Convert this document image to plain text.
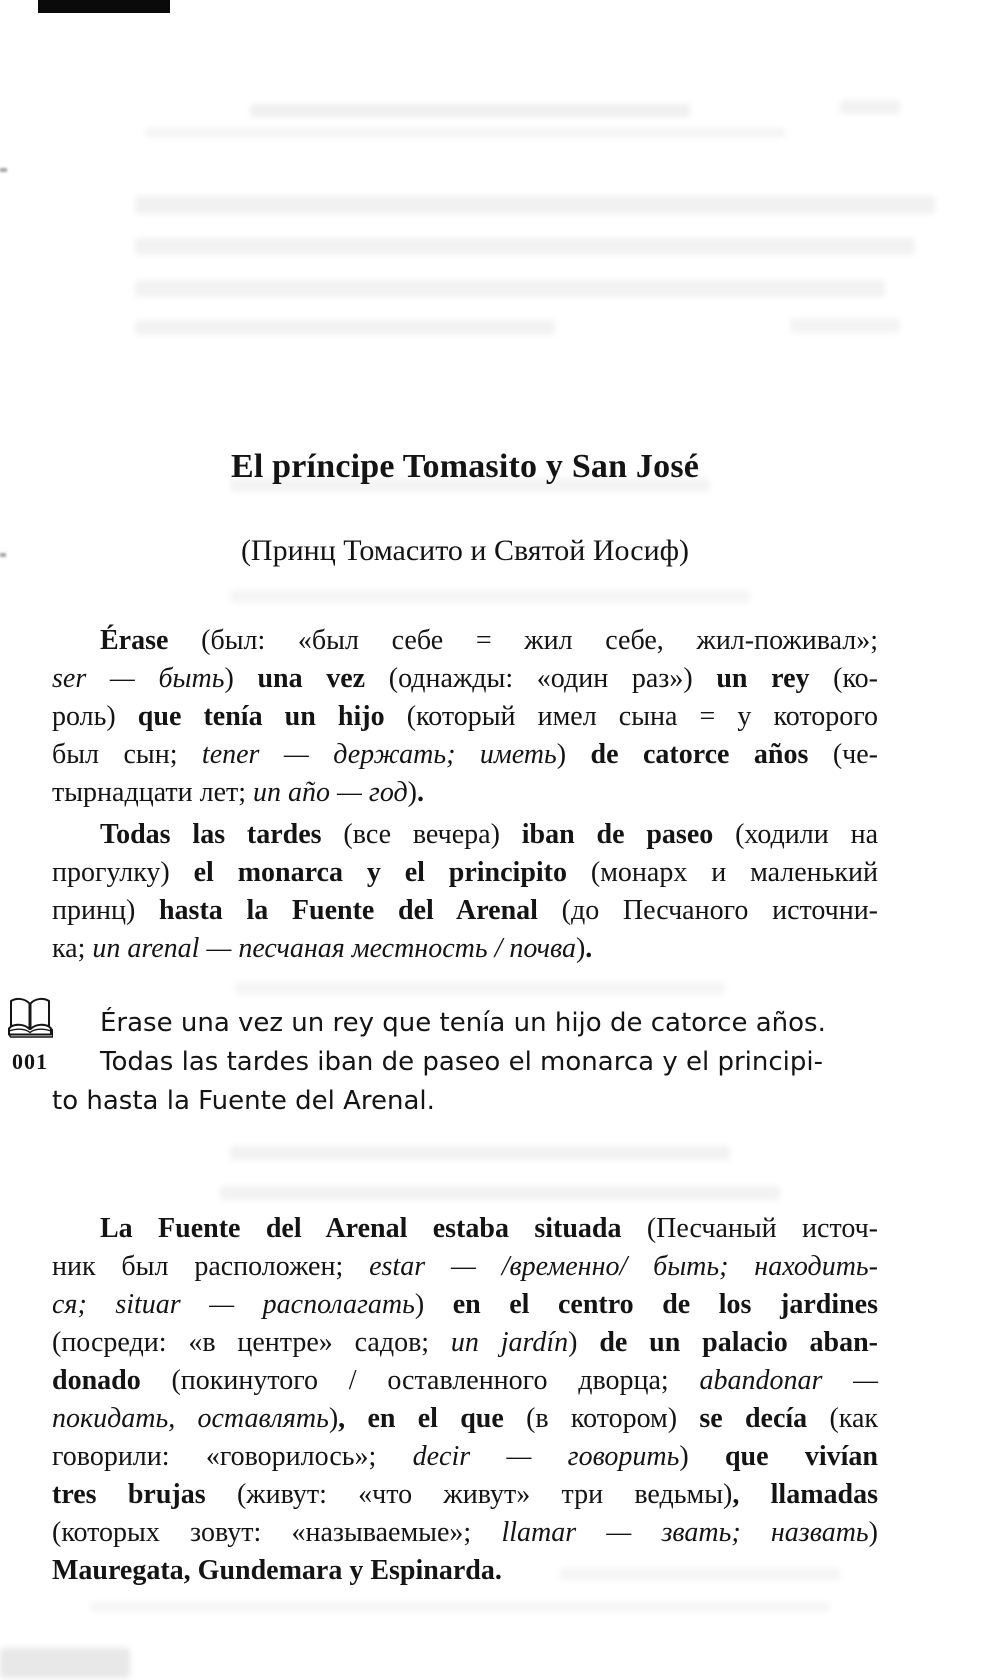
El príncipe Tomasito y San José
(Принц Томасито и Святой Иосиф)
Érase (был: «был себе = жил себе, жил-поживал»;
ser — быть) una vez (однажды: «один раз») un rey (ко-
роль) que tenía un hijo (который имел сына = у которого
был сын; tener — держать; иметь) de catorce años (че-
тырнадцати лет; un año — год).
Todas las tardes (все вечера) iban de paseo (ходили на
прогулку) el monarca y el principito (монарх и маленький
принц) hasta la Fuente del Arenal (до Песчаного источни-
ка; un arenal — песчаная местность / почва).
001
Érase una vez un rey que tenía un hijo de catorce años.
Todas las tardes iban de paseo el monarca y el principi-
to hasta la Fuente del Arenal.
La Fuente del Arenal estaba situada (Песчаный источ-
ник был расположен; estar — /временно/ быть; находить-
ся; situar — располагать) en el centro de los jardines
(посреди: «в центре» садов; un jardín) de un palacio aban-
donado (покинутого / оставленного дворца; abandonar —
покидать, оставлять), en el que (в котором) se decía (как
говорили: «говорилось»; decir — говорить) que vivían
tres brujas (живут: «что живут» три ведьмы), llamadas
(которых зовут: «называемые»; llamar — звать; назвать)
Mauregata, Gundemara y Espinarda.
